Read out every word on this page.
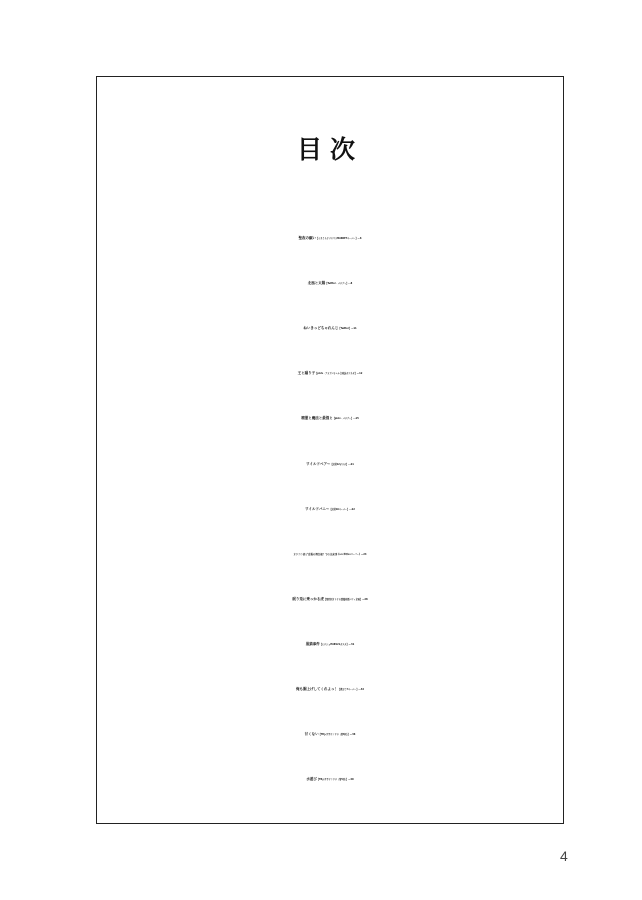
目次
聖夜の願い【うさとらクリスマスMARKETペーパー】…6
北風と太陽【Twitter・パロディ】…8
ねいきっどちゃれんじ【Twitter】…11
王と踊り子【pixiv・アラブパラレル合同誌ボツネタ】…12
精霊と魔法と最強と【pixiv・パロディ】…15
ワイルドベアー【虎狩12ポスカ】…21
ワイルドバニー【虎狩10ペーパー】…22
オケコン終了直後の舞台袖？での出来事【SCC関西22ペーパー】…24
眠り兎に乗っかる虎【第四回オトナの薔薇同題パティ企画】…28
黒猫事件【ヒロショHARU21ポスカ】…31
俺も胴上げしてくれよっ！【僕おじ7ペーパー】…32
甘くない【TBかき手ワンドロ（第6回）】…36
水遊び【TBかき手ワンドロ（第5回）】…40
4
